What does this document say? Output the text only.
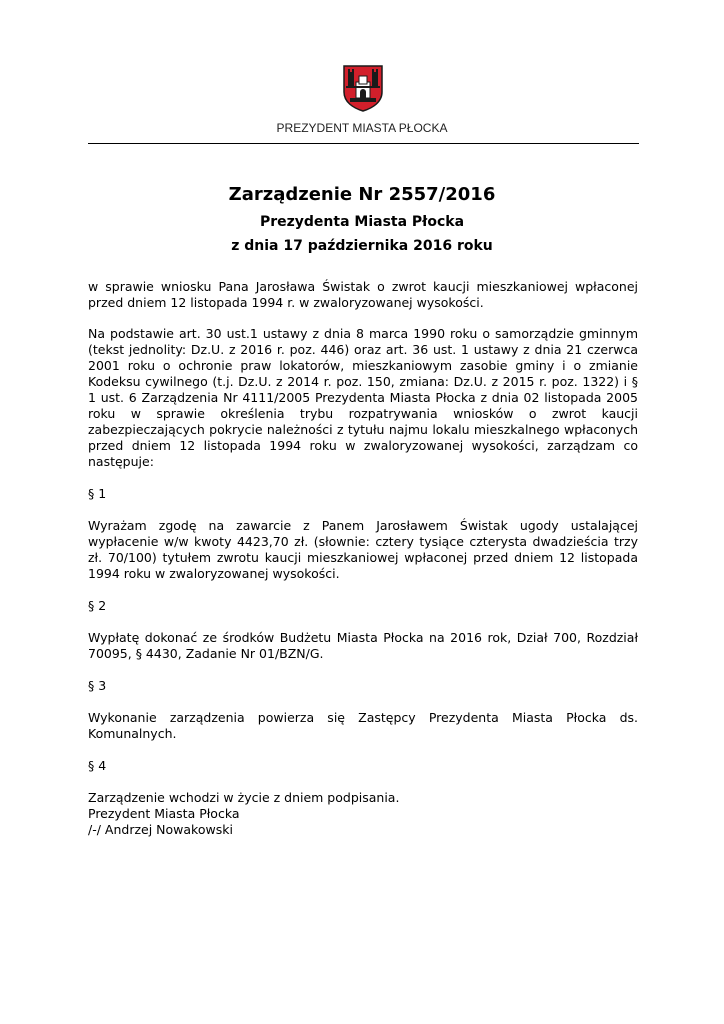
PREZYDENT MIASTA PŁOCKA
Zarządzenie Nr 2557/2016
Prezydenta Miasta Płocka
z dnia 17 października 2016 roku

w sprawie wniosku Pana Jarosława Świstak o zwrot kaucji mieszkaniowej wpłaconej przed dniem 12 listopada 1994 r. w zwaloryzowanej wysokości.

Na podstawie art. 30 ust.1 ustawy z dnia 8 marca 1990 roku o samorządzie gminnym (tekst jednolity: Dz.U. z 2016 r. poz. 446) oraz art. 36 ust. 1 ustawy z dnia 21 czerwca 2001 roku o ochronie praw lokatorów, mieszkaniowym zasobie gminy i o zmianie Kodeksu cywilnego (t.j. Dz.U. z 2014 r. poz. 150, zmiana: Dz.U. z 2015 r. poz. 1322) i § 1 ust. 6 Zarządzenia Nr 4111/2005 Prezydenta Miasta Płocka z dnia 02 listopada 2005 roku w sprawie określenia trybu rozpatrywania wniosków o zwrot kaucji zabezpieczających pokrycie należności z tytułu najmu lokalu mieszkalnego wpłaconych przed dniem 12 listopada 1994 roku w zwaloryzowanej wysokości, zarządzam co następuje:

§ 1

Wyrażam zgodę na zawarcie z Panem Jarosławem Świstak ugody ustalającej wypłacenie w/w kwoty 4423,70 zł. (słownie: cztery tysiące czterysta dwadzieścia trzy zł. 70/100) tytułem zwrotu kaucji mieszkaniowej wpłaconej przed dniem 12 listopada 1994 roku w zwaloryzowanej wysokości.

§ 2

Wypłatę dokonać ze środków Budżetu Miasta Płocka na 2016 rok, Dział 700, Rozdział 70095, § 4430, Zadanie Nr 01/BZN/G.

§ 3

Wykonanie zarządzenia powierza się Zastępcy Prezydenta Miasta Płocka ds. Komunalnych.

§ 4

Zarządzenie wchodzi w życie z dniem podpisania.

Prezydent Miasta Płocka

/-/ Andrzej Nowakowski
